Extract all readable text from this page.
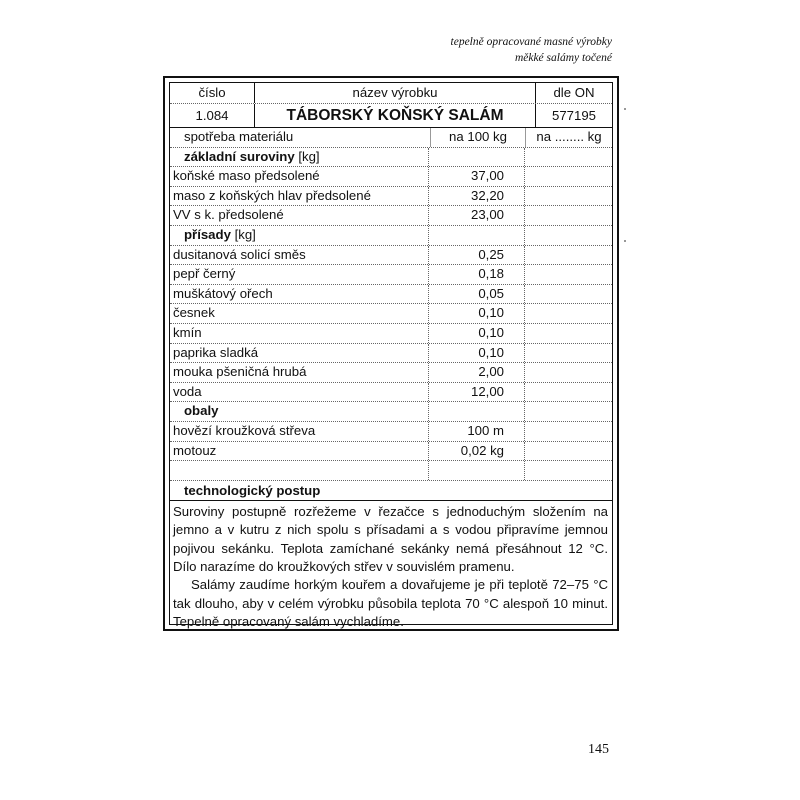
tepelně opracované masné výrobky
měkké salámy točené
číslo	název výrobku	dle ON
1.084	TÁBORSKÝ KOŇSKÝ SALÁM	577195
spotřeba materiálu	na 100 kg	na ........ kg
základní suroviny [kg]
koňské maso předsolené	37,00
maso z koňských hlav předsolené	32,20
VV s k. předsolené	23,00
přísady [kg]
dusitanová solicí směs	0,25
pepř černý	0,18
muškátový ořech	0,05
česnek	0,10
kmín	0,10
paprika sladká	0,10
mouka pšeničná hrubá	2,00
voda	12,00
obaly
hovězí kroužková střeva	100 m
motouz	0,02 kg
technologický postup

Suroviny postupně rozřežeme v řezačce s jednoduchým složením na jemno a v kutru z nich spolu s přísadami a s vodou připravíme jemnou pojivou sekánku. Teplota zamíchané sekánky nemá přesáhnout 12 °C. Dílo narazíme do kroužkových střev v souvislém pramenu.

Salámy zaudíme horkým kouřem a dovařujeme je při teplotě 72–75 °C tak dlouho, aby v celém výrobku působila teplota 70 °C alespoň 10 minut. Tepelně opracovaný salám vychladíme.

145
